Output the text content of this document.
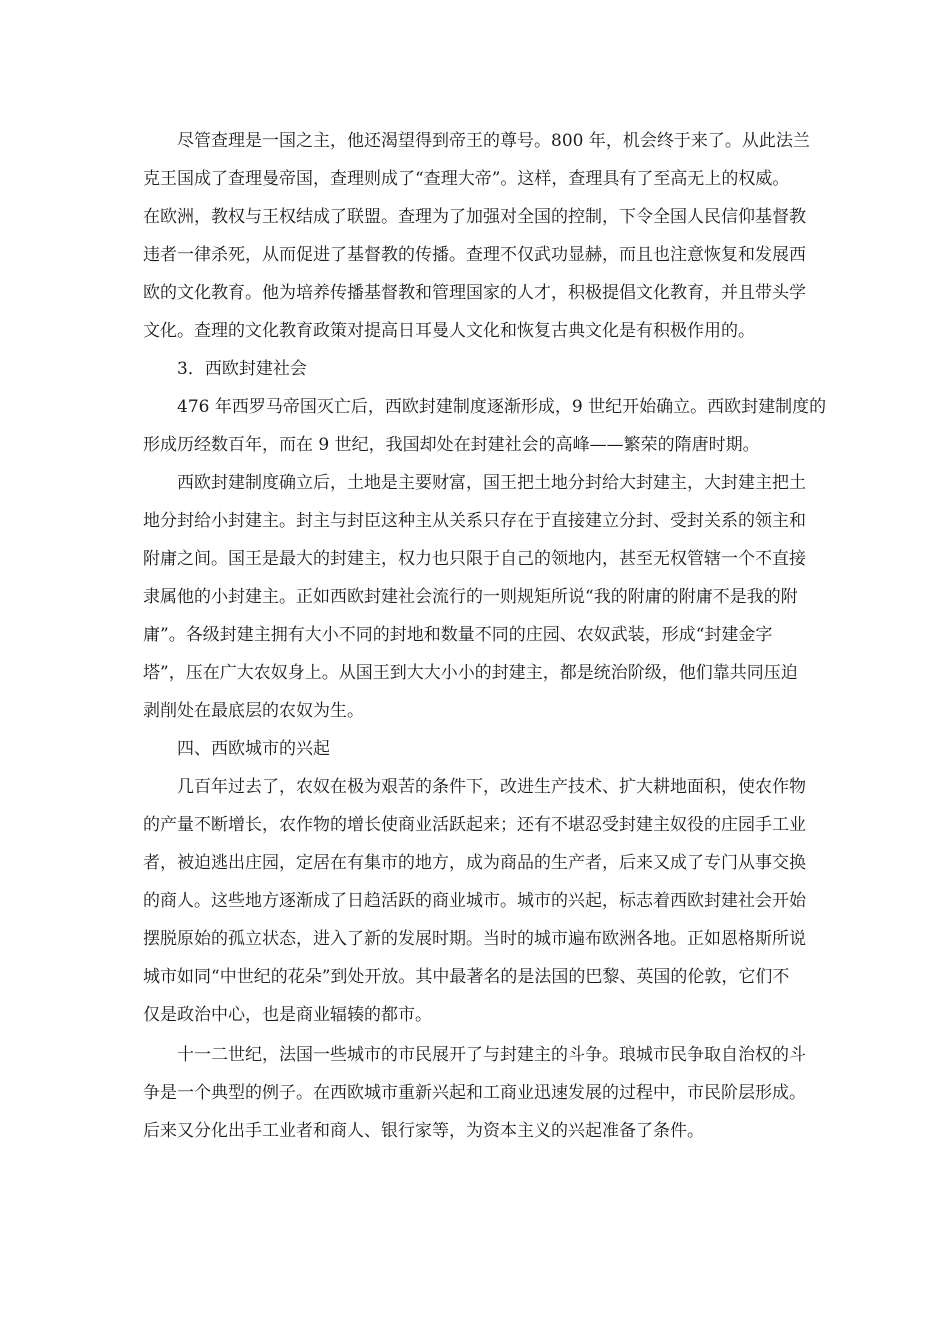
尽管查理是一国之主，他还渴望得到帝王的尊号。800 年，机会终于来了。从此法兰
克王国成了查理曼帝国，查理则成了“查理大帝”。这样，查理具有了至高无上的权威。
在欧洲，教权与王权结成了联盟。查理为了加强对全国的控制，下令全国人民信仰基督教
违者一律杀死，从而促进了基督教的传播。查理不仅武功显赫，而且也注意恢复和发展西
欧的文化教育。他为培养传播基督教和管理国家的人才，积极提倡文化教育，并且带头学
文化。查理的文化教育政策对提高日耳曼人文化和恢复古典文化是有积极作用的。
3．西欧封建社会
476 年西罗马帝国灭亡后，西欧封建制度逐渐形成，9 世纪开始确立。西欧封建制度的
形成历经数百年，而在 9 世纪，我国却处在封建社会的高峰——繁荣的隋唐时期。
西欧封建制度确立后，土地是主要财富，国王把土地分封给大封建主，大封建主把土
地分封给小封建主。封主与封臣这种主从关系只存在于直接建立分封、受封关系的领主和
附庸之间。国王是最大的封建主，权力也只限于自己的领地内，甚至无权管辖一个不直接
隶属他的小封建主。正如西欧封建社会流行的一则规矩所说“我的附庸的附庸不是我的附
庸”。各级封建主拥有大小不同的封地和数量不同的庄园、农奴武装，形成“封建金字
塔”，压在广大农奴身上。从国王到大大小小的封建主，都是统治阶级，他们靠共同压迫
剥削处在最底层的农奴为生。
四、西欧城市的兴起
几百年过去了，农奴在极为艰苦的条件下，改进生产技术、扩大耕地面积，使农作物
的产量不断增长，农作物的增长使商业活跃起来；还有不堪忍受封建主奴役的庄园手工业
者，被迫逃出庄园，定居在有集市的地方，成为商品的生产者，后来又成了专门从事交换
的商人。这些地方逐渐成了日趋活跃的商业城市。城市的兴起，标志着西欧封建社会开始
摆脱原始的孤立状态，进入了新的发展时期。当时的城市遍布欧洲各地。正如恩格斯所说
城市如同“中世纪的花朵”到处开放。其中最著名的是法国的巴黎、英国的伦敦，它们不
仅是政治中心，也是商业辐辏的都市。
十一二世纪，法国一些城市的市民展开了与封建主的斗争。琅城市民争取自治权的斗
争是一个典型的例子。在西欧城市重新兴起和工商业迅速发展的过程中，市民阶层形成。
后来又分化出手工业者和商人、银行家等，为资本主义的兴起准备了条件。
